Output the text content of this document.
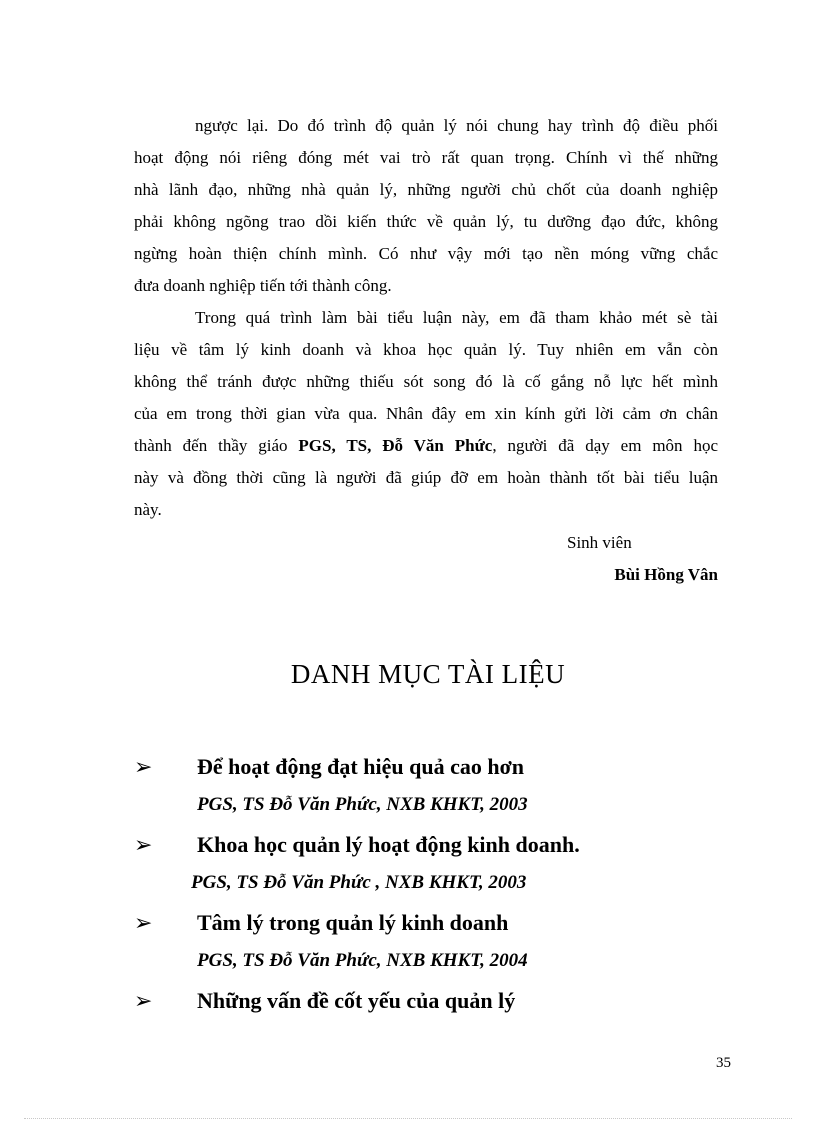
ngược lại. Do đó trình độ quản lý nói chung hay trình độ điều phối
hoạt động nói riêng đóng mét vai trò rất quan trọng. Chính vì thế những
nhà lãnh đạo, những nhà quản lý, những người chủ chốt của doanh nghiệp
phải không ngõng trao dồi kiến thức về quản lý, tu dưỡng đạo đức, không
ngừng hoàn thiện chính mình. Có như vậy mới tạo nền móng vững chắc
đưa doanh nghiệp tiến tới thành công.
Trong quá trình làm bài tiểu luận này, em đã tham khảo mét sè tài
liệu về tâm lý kinh doanh và khoa học quản lý. Tuy nhiên em vẫn còn
không thể tránh được những thiếu sót song đó là cố gắng nỗ lực hết mình
của em trong thời gian vừa qua. Nhân đây em xin kính gửi lời cảm ơn chân
thành đến thầy giáo PGS, TS, Đỗ Văn Phức, người đã dạy em môn học
này và đồng thời cũng là người đã giúp đỡ em hoàn thành tốt bài tiểu luận
này.
Sinh viên
Bùi Hồng Vân
DANH MỤC TÀI LIỆU
➢ Để hoạt động đạt hiệu quả cao hơn
PGS, TS Đỗ Văn Phức, NXB KHKT, 2003
➢ Khoa học quản lý hoạt động kinh doanh.
PGS, TS Đỗ Văn Phức , NXB KHKT, 2003
➢ Tâm lý trong quản lý kinh doanh
PGS, TS Đỗ Văn Phức, NXB KHKT, 2004
➢ Những vấn đề cốt yếu của quản lý
35
